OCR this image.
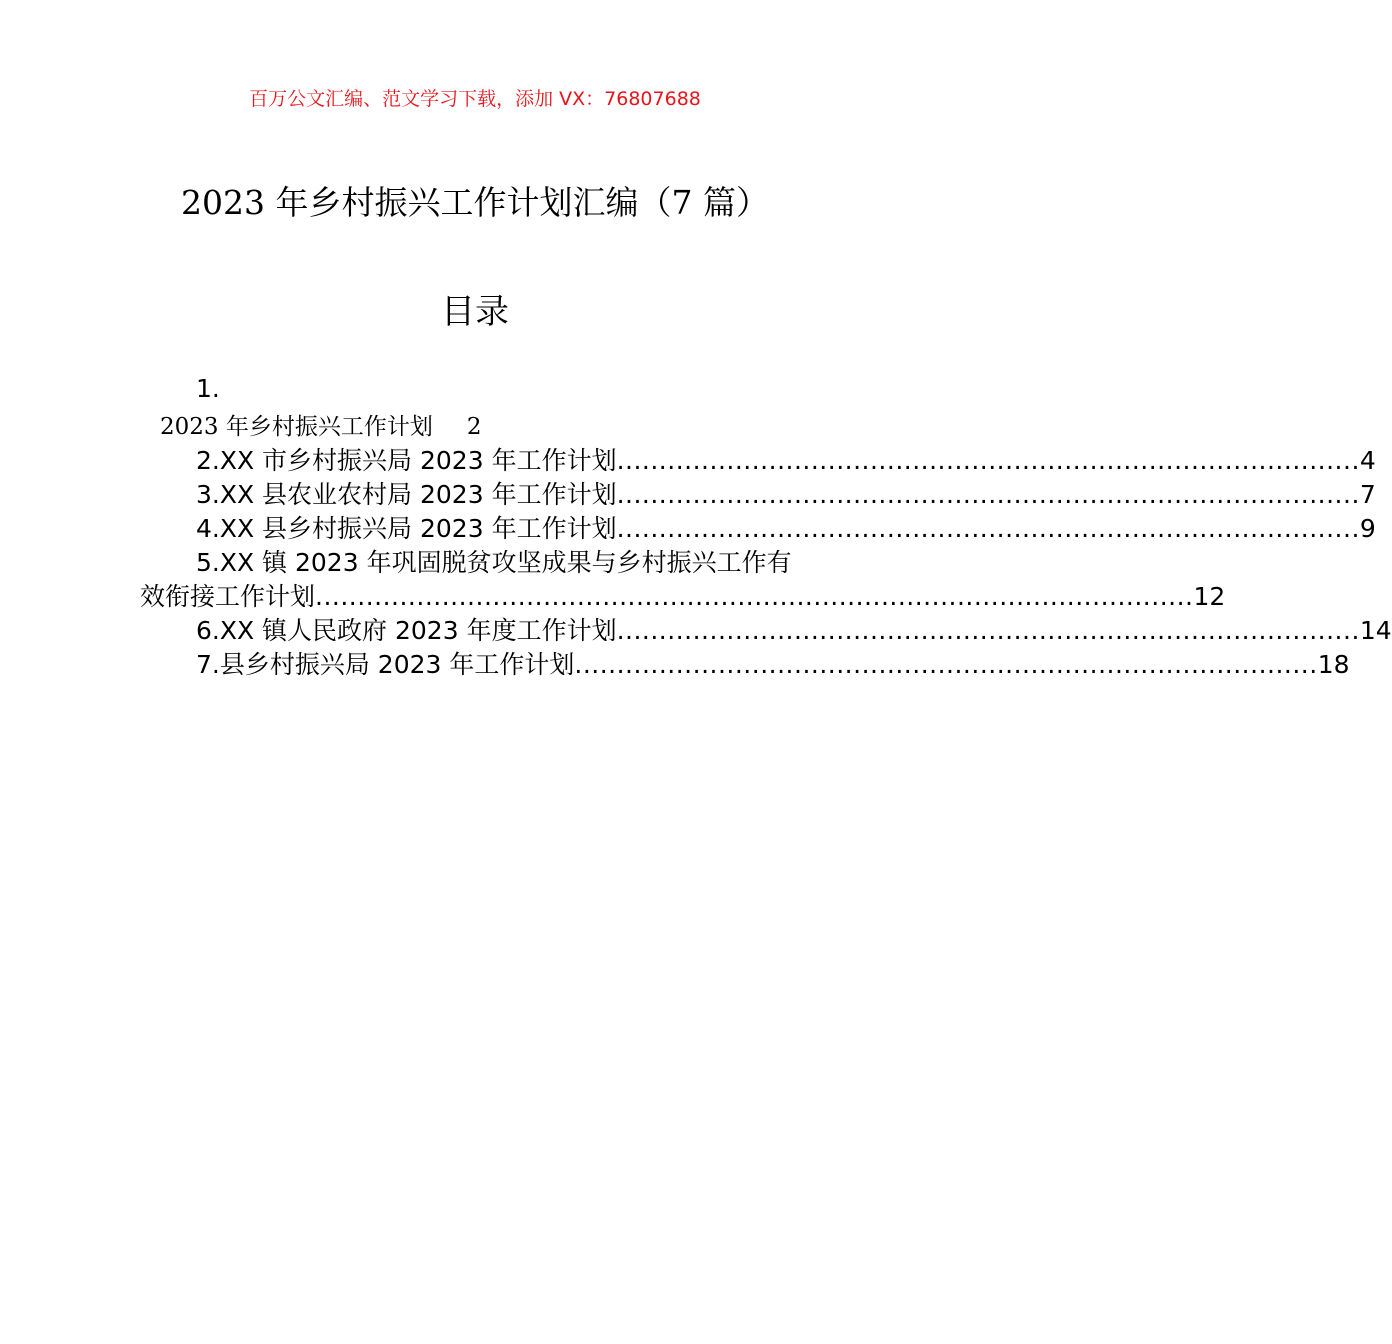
百万公文汇编、范文学习下载，添加 VX：76807688
2023 年乡村振兴工作计划汇编（7 篇）
目录
1.
2023 年乡村振兴工作计划 2
2.XX 市乡村振兴局 2023 年工作计划 ........................................................................................ 4
3.XX 县农业农村局 2023 年工作计划 ........................................................................................ 7
4.XX 县乡村振兴局 2023 年工作计划 ........................................................................................ 9
5.XX 镇 2023 年巩固脱贫攻坚成果与乡村振兴工作有
效衔接工作计划 ........................................................................................................ 12
6.XX 镇人民政府 2023 年度工作计划 ........................................................................................ 14
7.县乡村振兴局 2023 年工作计划 ........................................................................................ 18
